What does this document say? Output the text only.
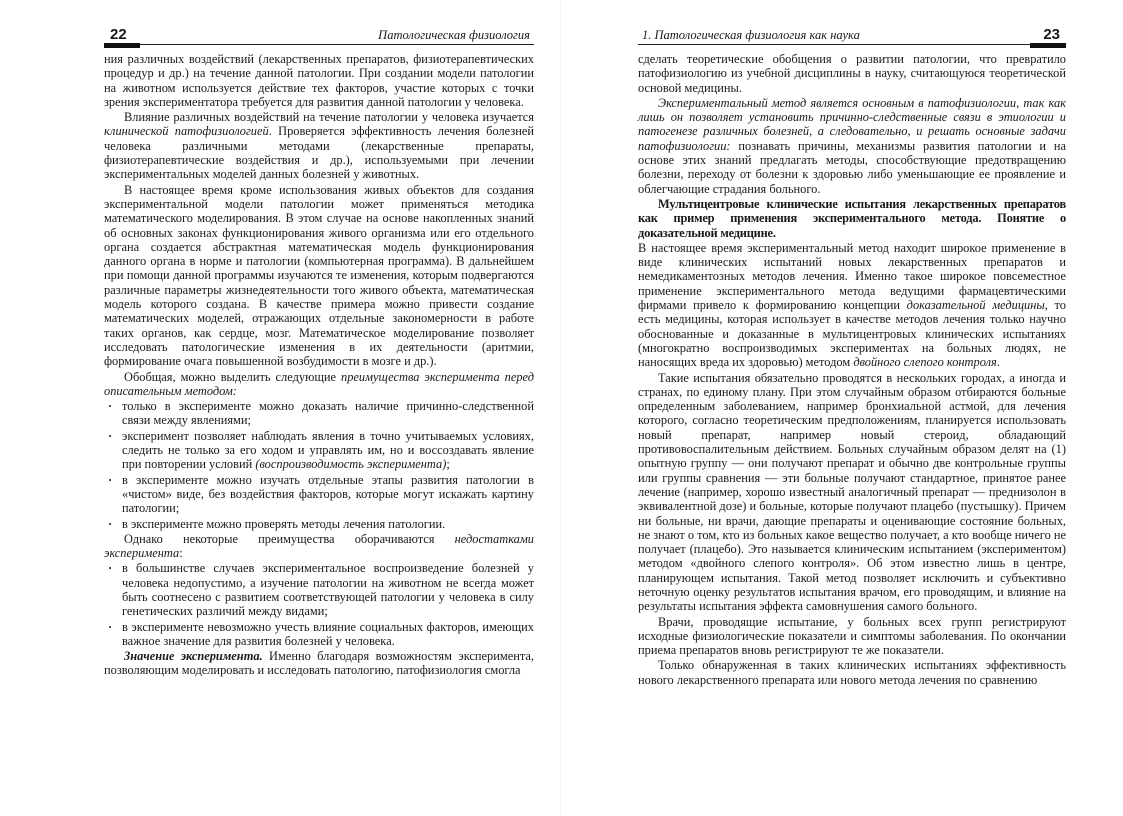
22	Патологическая физиология

ния различных воздействий (лекарственных препаратов, физиотерапевтических процедур и др.) на течение данной патологии. При создании модели патологии на животном используется действие тех факторов, участие которых с точки зрения экспериментатора требуется для развития данной патологии у человека.

Влияние различных воздействий на течение патологии у человека изучается клинической патофизиологией. Проверяется эффективность лечения болезней человека различными методами (лекарственные препараты, физиотерапевтические воздействия и др.), используемыми при лечении экспериментальных моделей данных болезней у животных.

В настоящее время кроме использования живых объектов для создания экспериментальной модели патологии может применяться методика математического моделирования. В этом случае на основе накопленных знаний об основных законах функционирования живого организма или его отдельного органа создается абстрактная математическая модель функционирования данного органа в норме и патологии (компьютерная программа). В дальнейшем при помощи данной программы изучаются те изменения, которым подвергаются различные параметры жизнедеятельности того живого объекта, математическая модель которого создана. В качестве примера можно привести создание математических моделей, отражающих отдельные закономерности в работе таких органов, как сердце, мозг. Математическое моделирование позволяет исследовать патологические изменения в их деятельности (аритмии, формирование очага повышенной возбудимости в мозге и др.).

Обобщая, можно выделить следующие преимущества эксперимента перед описательным методом:

· только в эксперименте можно доказать наличие причинно-следственной связи между явлениями;
· эксперимент позволяет наблюдать явления в точно учитываемых условиях, следить не только за его ходом и управлять им, но и воссоздавать явление при повторении условий (воспроизводимость эксперимента);
· в эксперименте можно изучать отдельные этапы развития патологии в «чистом» виде, без воздействия факторов, которые могут искажать картину патологии;
· в эксперименте можно проверять методы лечения патологии.

Однако некоторые преимущества оборачиваются недостатками эксперимента:

· в большинстве случаев экспериментальное воспроизведение болезней у человека недопустимо, а изучение патологии на животном не всегда может быть соотнесено с развитием соответствующей патологии у человека в силу генетических различий между видами;
· в эксперименте невозможно учесть влияние социальных факторов, имеющих важное значение для развития болезней у человека.

Значение эксперимента. Именно благодаря возможностям эксперимента, позволяющим моделировать и исследовать патологию, патофизиология смогла

1. Патологическая физиология как наука	23

сделать теоретические обобщения о развитии патологии, что превратило патофизиологию из учебной дисциплины в науку, считающуюся теоретической основой медицины.

Экспериментальный метод является основным в патофизиологии, так как лишь он позволяет установить причинно-следственные связи в этиологии и патогенезе различных болезней, а следовательно, и решать основные задачи патофизиологии: познавать причины, механизмы развития патологии и на основе этих знаний предлагать методы, способствующие предотвращению болезни, переходу от болезни к здоровью либо уменьшающие ее проявление и облегчающие страдания больного.

Мультицентровые клинические испытания лекарственных препаратов как пример применения экспериментального метода. Понятие о доказательной медицине.

В настоящее время экспериментальный метод находит широкое применение в виде клинических испытаний новых лекарственных препаратов и немедикаментозных методов лечения. Именно такое широкое повсеместное применение экспериментального метода ведущими фармацевтическими фирмами привело к формированию концепции доказательной медицины, то есть медицины, которая использует в качестве методов лечения только научно обоснованные и доказанные в мультицентровых клинических испытаниях (многократно воспроизводимых экспериментах на больных людях, не наносящих вреда их здоровью) методом двойного слепого контроля.

Такие испытания обязательно проводятся в нескольких городах, а иногда и странах, по единому плану. При этом случайным образом отбираются больные определенным заболеванием, например бронхиальной астмой, для лечения которого, согласно теоретическим предположениям, планируется использовать новый препарат, например новый стероид, обладающий противовоспалительным действием. Больных случайным образом делят на (1) опытную группу — они получают препарат и обычно две контрольные группы или группы сравнения — эти больные получают стандартное, принятое ранее лечение (например, хорошо известный аналогичный препарат — преднизолон в эквивалентной дозе) и больные, которые получают плацебо (пустышку). Причем ни больные, ни врачи, дающие препараты и оценивающие состояние больных, не знают о том, кто из больных какое вещество получает, а кто вообще ничего не получает (плацебо). Это называется клиническим испытанием (экспериментом) методом «двойного слепого контроля». Об этом известно лишь в центре, планирующем испытания. Такой метод позволяет исключить и субъективно неточную оценку результатов испытания врачом, его проводящим, и влияние на результаты испытания эффекта самовнушения самого больного.

Врачи, проводящие испытание, у больных всех групп регистрируют исходные физиологические показатели и симптомы заболевания. По окончании приема препаратов вновь регистрируют те же показатели.

Только обнаруженная в таких клинических испытаниях эффективность нового лекарственного препарата или нового метода лечения по сравнению
